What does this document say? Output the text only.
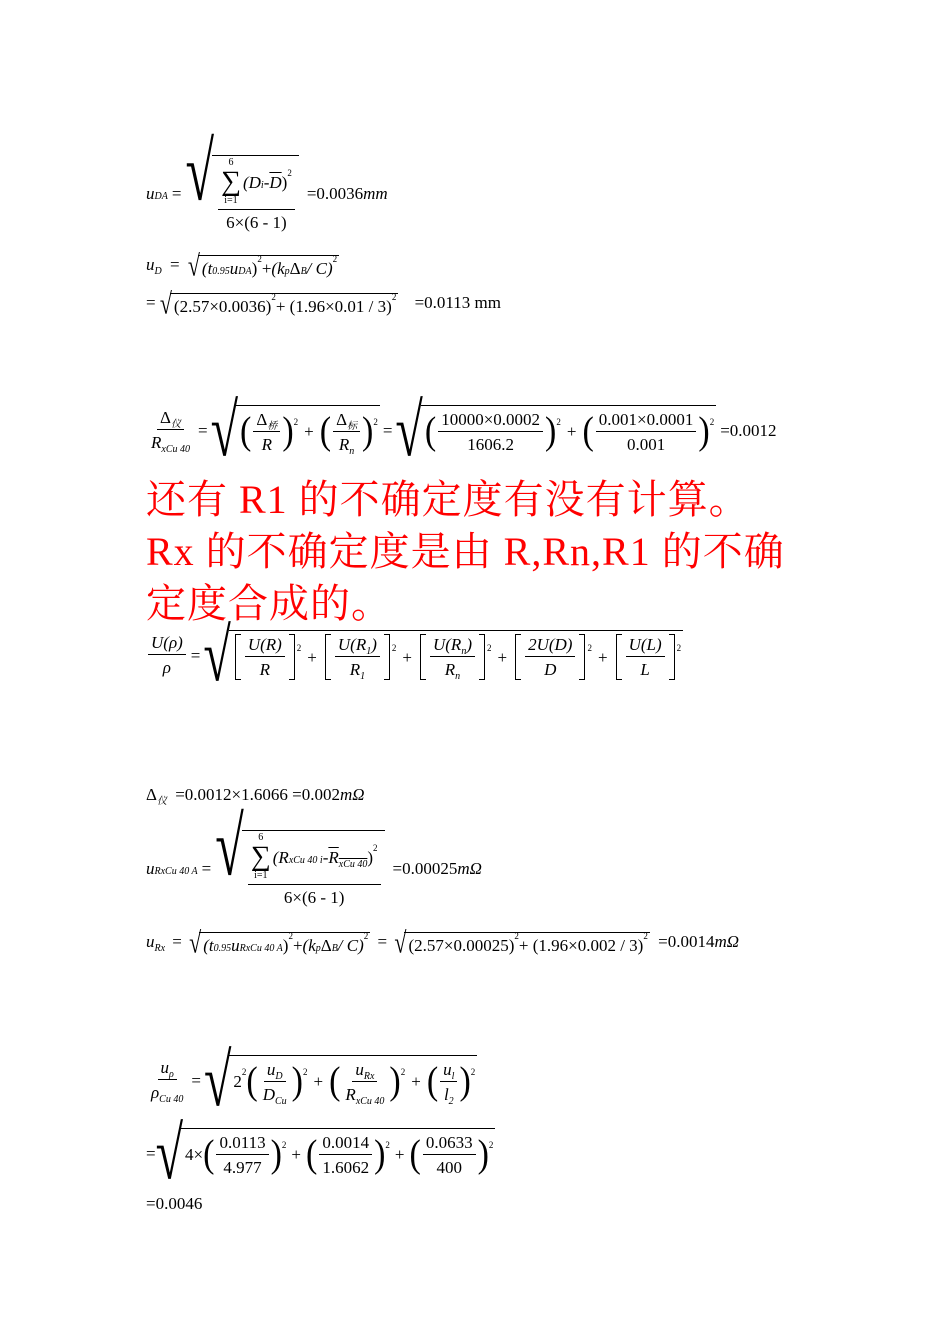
u DA = √ 6
∑
i=1
(D i - $\overline{D}$ ) 2
6×(6 - 1)
=0.0036 mm
$u_D$ = √ (t 0.95 u DA ) 2 + (k p Δ B / C) 2
= √ (2.57×0.0036) 2 + (1.96×0.01 / 3) 2 =0.0113 mm
$\frac{\Delta_仪}{R_{xCu 40}}$ = √ ( $\frac{\Delta_桥}{R}$ ) 2 + ( $\frac{\Delta_标}{R_n}$ ) 2 = √ ( $\frac{10000\times 0.0002}{1606.2}$ ) 2 + ( $\frac{0.001\times 0.0001}{0.001}$ ) 2 =0.0012
还有 R1 的不确定度有没有计算。
Rx 的不确定度是由 R,Rn,R1 的不确
定度合成的。
$\frac{U(\rho)}{\rho}$ = √ $\frac{U(R)}{R} 2 + \frac{U(R_1)}{R_1} 2 + \frac{U(R_n)}{R_n} 2 + \frac{2U(D)}{D} 2 + \frac{U(L)}{L} 2$
$\Delta_仪 =0.0012\times 1.6066 =0.002m\Omega$
u RxCu 40 A = √ 6
∑
i=1
(R xCu 40 i - $R_{xCu 40}$ ) 2
6×(6 - 1)
=0.00025 mΩ
$u_{Rx}$ = √ (t 0.95 u RxCu 40 A ) 2 + (k p Δ B / C) 2 = √ (2.57×0.00025) 2 + (1.96×0.002 / 3) 2 =0.0014mΩ
$\frac{u_\rho}{\rho_{Cu 40}}$ = √ 2 2 ( $\frac{u_D}{D_{Cu}}$ ) 2 + ( $\frac{u_{Rx}}{R_{xCu 40}}$ ) 2 + ( $\frac{u_l}{l_2}$ ) 2
= √ 4× ( $\frac{0.0113}{4.977}$ ) 2 + ( $\frac{0.0014}{1.6062}$ ) 2 + ( $\frac{0.0633}{400}$ ) 2
=0.0046
